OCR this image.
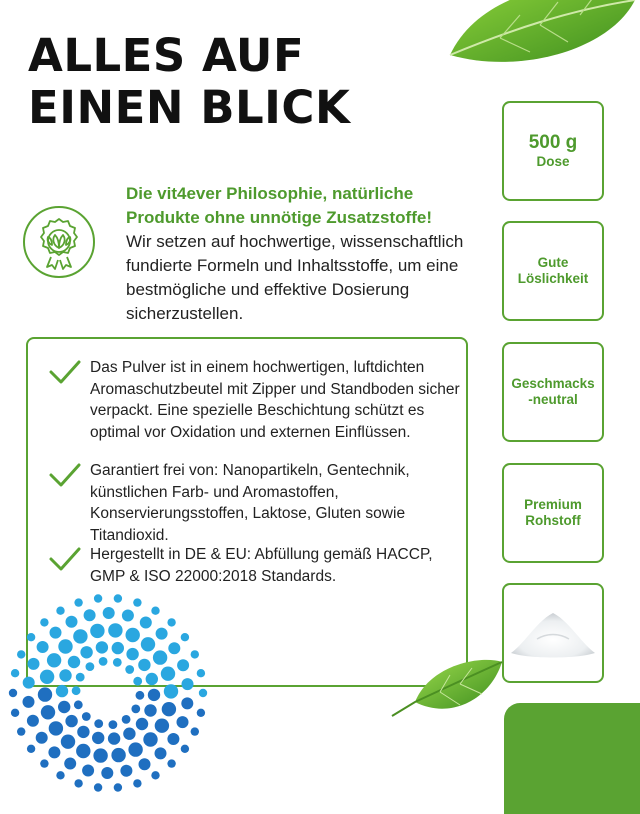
ALLES AUF
EINEN BLICK
Die vit4ever Philosophie, natürliche Produkte ohne unnötige Zusatzstoffe!
Wir setzen auf hochwertige, wissenschaftlich fundierte Formeln und Inhaltsstoffe, um eine bestmögliche und effektive Dosierung sicherzustellen.
Das Pulver ist in einem hochwertigen, luftdichten Aromaschutzbeutel mit Zipper und Standboden sicher verpackt. Eine spezielle Beschichtung schützt es optimal vor Oxidation und externen Einflüssen.
Garantiert frei von: Nanopartikeln, Gentechnik, künstlichen Farb- und Aromastoffen, Konservierungsstoffen, Laktose, Gluten sowie Titandioxid.
Hergestellt in DE & EU: Abfüllung gemäß HACCP, GMP & ISO 22000:2018 Standards.
500 g
Dose
Gute Löslichkeit
Geschmacks-neutral
Premium Rohstoff
